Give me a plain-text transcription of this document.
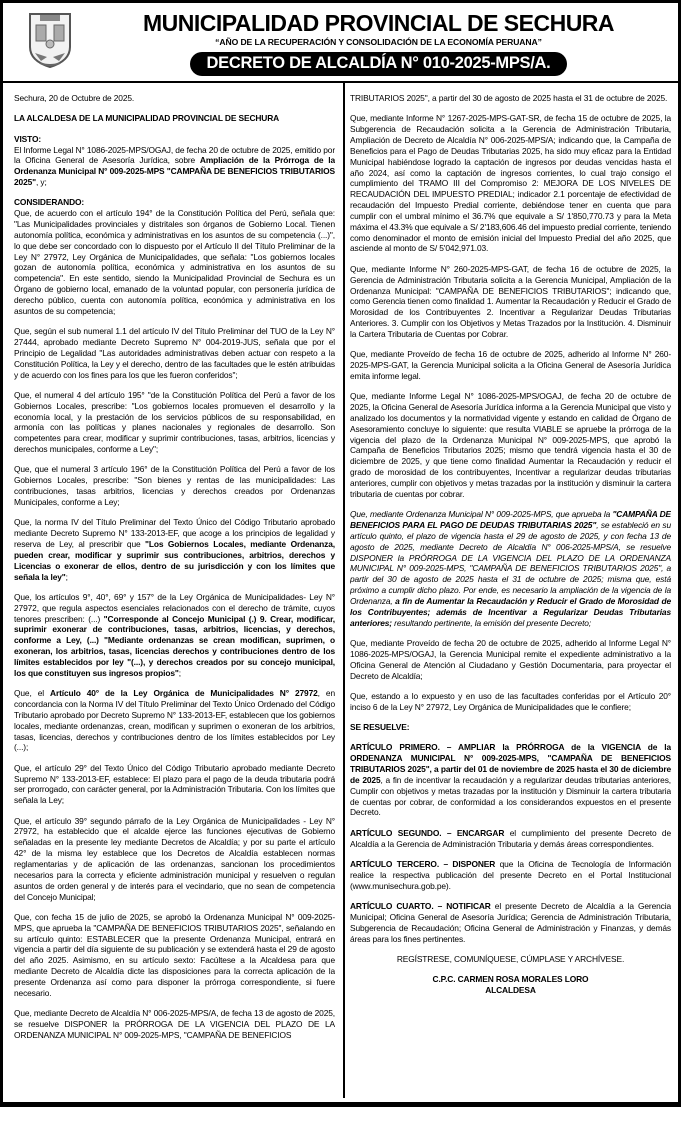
MUNICIPALIDAD PROVINCIAL DE SECHURA
“AÑO DE LA RECUPERACIÓN Y CONSOLIDACIÓN DE LA ECONOMÍA PERUANA”
DECRETO DE ALCALDÍA N° 010-2025-MPS/A.

Sechura, 20 de Octubre de 2025.

LA ALCALDESA DE LA MUNICIPALIDAD PROVINCIAL DE SECHURA

VISTO:

El Informe Legal N° 1086-2025-MPS/OGAJ, de fecha 20 de octubre de 2025, emitido por la Oficina General de Asesoría Jurídica, sobre Ampliación de la Prórroga de la Ordenanza Municipal N° 009-2025-MPS "CAMPAÑA DE BENEFICIOS TRIBUTARIOS 2025", y;

CONSIDERANDO:

Que, de acuerdo con el artículo 194° de la Constitución Política del Perú, señala que: "Las Municipalidades provinciales y distritales son órganos de Gobierno Local. Tienen autonomía política, económica y administrativas en los asuntos de su competencia (...)", lo que debe ser concordado con lo dispuesto por el Artículo II del Título Preliminar de la Ley N° 27972, Ley Orgánica de Municipalidades, que señala: "Los gobiernos locales gozan de autonomía política, económica y administrativa en los asuntos de su competencia". En este sentido, siendo la Municipalidad Provincial de Sechura es un Órgano de gobierno local, emanado de la voluntad popular, con personería jurídica de derecho público, cuenta con autonomía política, económica y administrativa en los asuntos de su competencia;

Que, según el sub numeral 1.1 del artículo IV del Título Preliminar del TUO de la Ley N° 27444, aprobado mediante Decreto Supremo N° 004-2019-JUS, señala que por el Principio de Legalidad "Las autoridades administrativas deben actuar con respeto a la Constitución Política, la Ley y el derecho, dentro de las facultades que le estén atribuidas y de acuerdo con los fines para los que les fueron conferidos";

Que, el numeral 4 del artículo 195° "de la Constitución Política del Perú a favor de los Gobiernos Locales, prescribe: "Los gobiernos locales promueven el desarrollo y la economía local, y la prestación de los servicios públicos de su responsabilidad, en armonía con las políticas y planes nacionales y regionales de desarrollo. Son competentes para crear, modificar y suprimir contribuciones, tasas, arbitrios, licencias y derechos municipales, conforme a Ley";

Que, que el numeral 3 artículo 196° de la Constitución Política del Perú a favor de los Gobiernos Locales, prescribe: "Son bienes y rentas de las municipalidades: Las contribuciones, tasas arbitrios, licencias y derechos creados por Ordenanzas Municipales, conforme a Ley;

Que, la norma IV del Título Preliminar del Texto Único del Código Tributario aprobado mediante Decreto Supremo N° 133-2013-EF, que acoge a los principios de legalidad y reserva de Ley, al prescribir que "Los Gobiernos Locales, mediante Ordenanza, pueden crear, modificar y suprimir sus contribuciones, arbitrios, derechos y Licencias o exonerar de ellos, dentro de su jurisdicción y con los límites que señala la ley";

Que, los artículos 9°, 40°, 69° y 157° de la Ley Orgánica de Municipalidades- Ley N° 27972, que regula aspectos esenciales relacionados con el derecho de trámite, cuyos tenores prescriben: (...) "Corresponde al Concejo Municipal (.) 9. Crear, modificar, suprimir exonerar de contribuciones, tasas, arbitrios, licencias, y derechos, conforme a Ley, (...) "Mediante ordenanzas se crean modifican, suprimen, o exoneran, los arbitrios, tasas, licencias derechos y contribuciones dentro de los límites establecidos por ley "(...), y derechos creados por su concejo municipal, los que constituyen sus ingresos propios";

Que, el Artículo 40° de la Ley Orgánica de Municipalidades N° 27972, en concordancia con la Norma IV del Título Preliminar del Texto Único Ordenado del Código Tributario aprobado por Decreto Supremo N° 133-2013-EF, establecen que los gobiernos locales, mediante ordenanzas, crean, modifican y suprimen o exoneran de los arbitrios, tasas, licencias, derechos y contribuciones dentro de los límites establecidos por Ley (...);

Que, el artículo 29° del Texto Único del Código Tributario aprobado mediante Decreto Supremo N° 133-2013-EF, establece: El plazo para el pago de la deuda tributaria podrá ser prorrogado, con carácter general, por la Administración Tributaria. Con los límites que señala la Ley;

Que, el artículo 39° segundo párrafo de la Ley Orgánica de Municipalidades - Ley N° 27972, ha establecido que el alcalde ejerce las funciones ejecutivas de Gobierno señaladas en la presente ley mediante Decretos de Alcaldía; y por su parte el artículo 42° de la misma ley establece que los Decretos de Alcaldía establecen normas reglamentarias y de aplicación de las ordenanzas, sancionan los procedimientos necesarios para la correcta y eficiente administración municipal y resuelven o regulan asuntos de orden general y de interés para el vecindario, que no sean de competencia del Concejo Municipal;

Que, con fecha 15 de julio de 2025, se aprobó la Ordenanza Municipal N° 009-2025-MPS, que aprueba la "CAMPAÑA DE BENEFICIOS TRIBUTARIOS 2025", señalando en su artículo quinto: ESTABLECER que la presente Ordenanza Municipal, entrará en vigencia a partir del día siguiente de su publicación y se extenderá hasta el 29 de agosto del año 2025. Asimismo, en su artículo sexto: Facúltese a la Alcaldesa para que mediante Decreto de Alcaldía dicte las disposiciones para la correcta aplicación de la presente Ordenanza así como para disponer la prórroga correspondiente, si fuere necesario.

Que, mediante Decreto de Alcaldía N° 006-2025-MPS/A, de fecha 13 de agosto de 2025, se resuelve DISPONER la PRÓRROGA DE LA VIGENCIA DEL PLAZO DE LA ORDENANZA MUNICIPAL N° 009-2025-MPS, "CAMPAÑA DE BENEFICIOS

TRIBUTARIOS 2025", a partir del 30 de agosto de 2025 hasta el 31 de octubre de 2025.

Que, mediante Informe N° 1267-2025-MPS-GAT-SR, de fecha 15 de octubre de 2025, la Subgerencia de Recaudación solicita a la Gerencia de Administración Tributaria, Ampliación de Decreto de Alcaldía N° 006-2025-MPS/A; indicando que, la Campaña de Beneficios para el Pago de Deudas Tributarias 2025, ha sido muy eficaz para la Entidad Municipal habiéndose logrado la captación de ingresos por deudas vencidas hasta el año 2024, así como la captación de ingresos corrientes, lo cual trajo consigo el cumplimiento del TRAMO III del Compromiso 2: MEJORA DE LOS NIVELES DE RECAUDACIÓN DEL IMPUESTO PREDIAL; indicador 2.1 porcentaje de efectividad de recaudación del Impuesto Predial corriente, debiéndose tener en cuenta que para cumplir con el umbral mínimo el 36.7% que equivale a S/ 1'850,770.73 y para la Meta máxima el 43.3% que equivale a S/ 2'183,606.46 del impuesto predial corriente, teniendo como denominador el monto de emisión inicial del Impuesto Predial del año 2025, que asciende al monto de S/ 5'042,971.03.

Que, mediante Informe N° 260-2025-MPS-GAT, de fecha 16 de octubre de 2025, la Gerencia de Administración Tributaria solicita a la Gerencia Municipal, Ampliación de la Ordenanza Municipal: "CAMPAÑA DE BENEFICIOS TRIBUTARIOS"; indicando que, como Gerencia tienen como finalidad 1. Aumentar la Recaudación y Reducir el Grado de Morosidad de los Contribuyentes 2. Incentivar a Regularizar Deudas Tributarias Anteriores. 3. Cumplir con los Objetivos y Metas Trazados por la Institución. 4. Disminuir la Cartera Tributaria de Cuentas por Cobrar.

Que, mediante Proveído de fecha 16 de octubre de 2025, adherido al Informe N° 260-2025-MPS-GAT, la Gerencia Municipal solicita a la Oficina General de Asesoría Jurídica emita informe legal.

Que, mediante Informe Legal N° 1086-2025-MPS/OGAJ, de fecha 20 de octubre de 2025, la Oficina General de Asesoría Jurídica informa a la Gerencia Municipal que visto y analizado los documentos y la normatividad vigente y estando en calidad de Órgano de Asesoramiento concluye lo siguiente: que resulta VIABLE se apruebe la prórroga de la vigencia del plazo de la Ordenanza Municipal N° 009-2025-MPS, que aprobó la Campaña de Beneficios Tributarios 2025; mismo que tendrá vigencia hasta el 30 de diciembre de 2025, y que tiene como finalidad Aumentar la Recaudación y reducir el grado de morosidad de los contribuyentes, Incentivar a regularizar deudas tributarias anteriores, cumplir con objetivos y metas trazadas por la institución y disminuir la cartera tributaria de cuentas por cobrar.

Que, mediante Ordenanza Municipal N° 009-2025-MPS, que aprueba la "CAMPAÑA DE BENEFICIOS PARA EL PAGO DE DEUDAS TRIBUTARIAS 2025", se estableció en su artículo quinto, el plazo de vigencia hasta el 29 de agosto de 2025, y con fecha 13 de agosto de 2025, mediante Decreto de Alcaldía N° 006-2025-MPS/A, se resuelve DISPONER la PRÓRROGA DE LA VIGENCIA DEL PLAZO DE LA ORDENANZA MUNICIPAL N° 009-2025-MPS, "CAMPAÑA DE BENEFICIOS TRIBUTARIOS 2025", a partir del 30 de agosto de 2025 hasta el 31 de octubre de 2025; misma que, está próximo a cumplir dicho plazo. Por ende, es necesario la ampliación de la vigencia de la Ordenanza, a fin de Aumentar la Recaudación y Reducir el Grado de Morosidad de los Contribuyentes; además de Incentivar a Regularizar Deudas Tributarias anteriores; resultando pertinente, la emisión del presente Decreto;

Que, mediante Proveído de fecha 20 de octubre de 2025, adherido al Informe Legal N° 1086-2025-MPS/OGAJ, la Gerencia Municipal remite el expediente administrativo a la Oficina General de Atención al Ciudadano y Gestión Documentaria, para proyectar el Decreto de Alcaldía;

Que, estando a lo expuesto y en uso de las facultades conferidas por el Artículo 20° inciso 6 de la Ley N° 27972, Ley Orgánica de Municipalidades que le confiere;

SE RESUELVE:

ARTÍCULO PRIMERO. – AMPLIAR la PRÓRROGA de la VIGENCIA de la ORDENANZA MUNICIPAL N° 009-2025-MPS, "CAMPAÑA DE BENEFICIOS TRIBUTARIOS 2025", a partir del 01 de noviembre de 2025 hasta el 30 de diciembre de 2025, a fin de incentivar la recaudación y a regularizar deudas tributarias anteriores, Cumplir con objetivos y metas trazadas por la institución y Disminuir la cartera tributaria de cuentas por cobrar, de conformidad a los considerandos expuestos en el presente Decreto.

ARTÍCULO SEGUNDO. – ENCARGAR el cumplimiento del presente Decreto de Alcaldía a la Gerencia de Administración Tributaria y demás áreas correspondientes.

ARTÍCULO TERCERO. – DISPONER que la Oficina de Tecnología de Información realice la respectiva publicación del presente Decreto en el Portal Institucional (www.munisechura.gob.pe).

ARTÍCULO CUARTO. – NOTIFICAR el presente Decreto de Alcaldía a la Gerencia Municipal; Oficina General de Asesoría Jurídica; Gerencia de Administración Tributaria, Subgerencia de Recaudación; Oficina General de Administración y Finanzas, y demás áreas para los fines pertinentes.

REGÍSTRESE, COMUNÍQUESE, CÚMPLASE Y ARCHÍVESE.

C.P.C. CARMEN ROSA MORALES LORO

ALCALDESA
